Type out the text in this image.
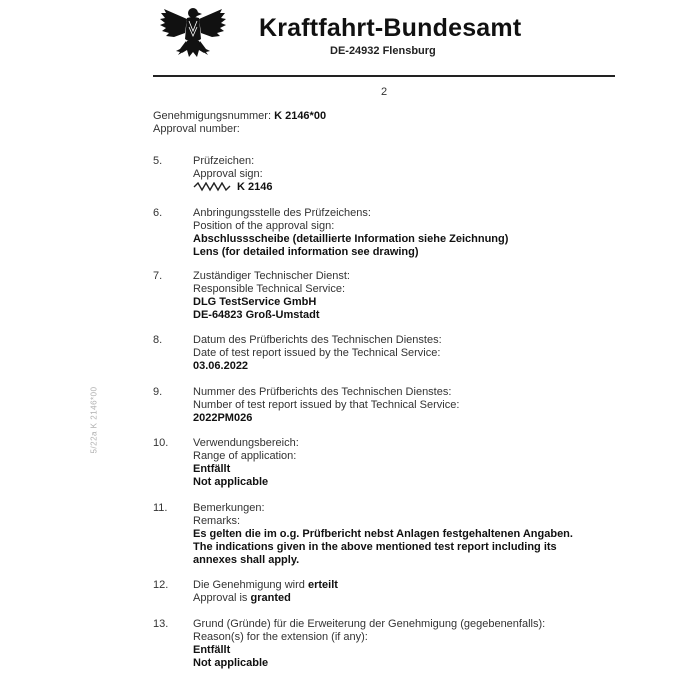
Kraftfahrt-Bundesamt
DE-24932 Flensburg
2
Genehmigungsnummer: K 2146*00
Approval number:
5/22a K 2146*00
5.	Prüfzeichen:
Approval sign:
K 2146
6.	Anbringungsstelle des Prüfzeichens:
Position of the approval sign:
Abschlussscheibe (detaillierte Information siehe Zeichnung)
Lens (for detailed information see drawing)
7.	Zuständiger Technischer Dienst:
Responsible Technical Service:
DLG TestService GmbH
DE-64823 Groß-Umstadt
8.	Datum des Prüfberichts des Technischen Dienstes:
Date of test report issued by the Technical Service:
03.06.2022
9.	Nummer des Prüfberichts des Technischen Dienstes:
Number of test report issued by that Technical Service:
2022PM026
10. Verwendungsbereich:
Range of application:
Entfällt
Not applicable
11. Bemerkungen:
Remarks:
Es gelten die im o.g. Prüfbericht nebst Anlagen festgehaltenen Angaben.
The indications given in the above mentioned test report including its
annexes shall apply.
12. Die Genehmigung wird erteilt
Approval is granted
13. Grund (Gründe) für die Erweiterung der Genehmigung (gegebenenfalls):
Reason(s) for the extension (if any):
Entfällt
Not applicable
